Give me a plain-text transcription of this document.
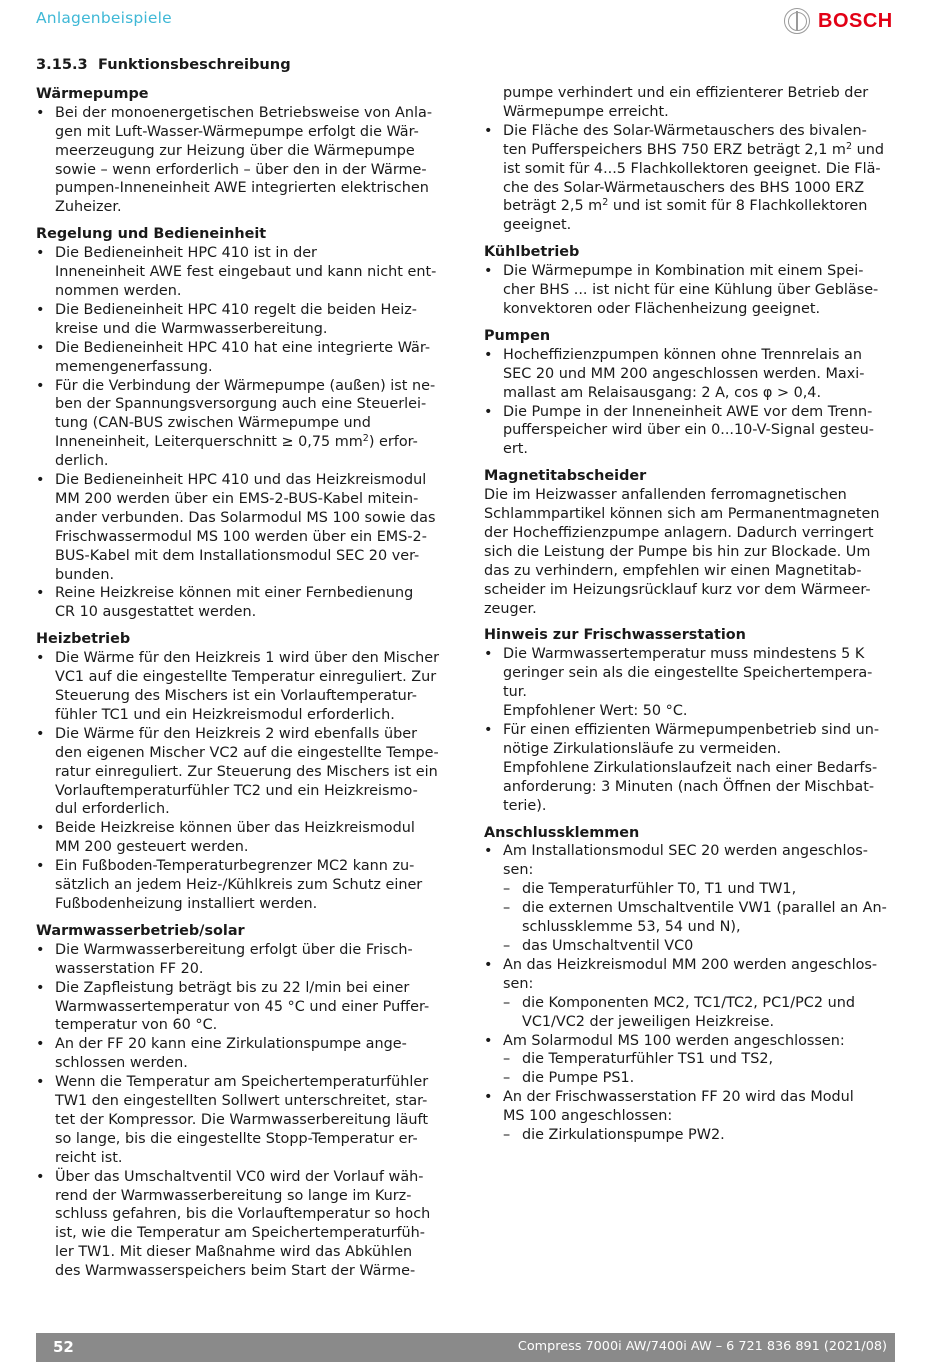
Anlagenbeispiele	BOSCH
3.15.3 Funktionsbeschreibung
Wärmepumpe
• Bei der monoenergetischen Betriebsweise von Anla-
gen mit Luft-Wasser-Wärmepumpe erfolgt die Wär-
meerzeugung zur Heizung über die Wärmepumpe
sowie – wenn erforderlich – über den in der Wärme-
pumpen-Inneneinheit AWE integrierten elektrischen
Zuheizer.
Regelung und Bedieneinheit
• Die Bedieneinheit HPC 410 ist in der
Inneneinheit AWE fest eingebaut und kann nicht ent-
nommen werden.
• Die Bedieneinheit HPC 410 regelt die beiden Heiz-
kreise und die Warmwasserbereitung.
• Die Bedieneinheit HPC 410 hat eine integrierte Wär-
memengenerfassung.
• Für die Verbindung der Wärmepumpe (außen) ist ne-
ben der Spannungsversorgung auch eine Steuerlei-
tung (CAN-BUS zwischen Wärmepumpe und
Inneneinheit, Leiterquerschnitt ≥ 0,75 $mm^2$) erfor-
derlich.
• Die Bedieneinheit HPC 410 und das Heizkreismodul
MM 200 werden über ein EMS-2-BUS-Kabel mitein-
ander verbunden. Das Solarmodul MS 100 sowie das
Frischwassermodul MS 100 werden über ein EMS-2-
BUS-Kabel mit dem Installationsmodul SEC 20 ver-
bunden.
• Reine Heizkreise können mit einer Fernbedienung
CR 10 ausgestattet werden.
Heizbetrieb
• Die Wärme für den Heizkreis 1 wird über den Mischer
VC1 auf die eingestellte Temperatur einreguliert. Zur
Steuerung des Mischers ist ein Vorlauftemperatur-
fühler TC1 und ein Heizkreismodul erforderlich.
• Die Wärme für den Heizkreis 2 wird ebenfalls über
den eigenen Mischer VC2 auf die eingestellte Tempe-
ratur einreguliert. Zur Steuerung des Mischers ist ein
Vorlauftemperaturfühler TC2 und ein Heizkreismo-
dul erforderlich.
• Beide Heizkreise können über das Heizkreismodul
MM 200 gesteuert werden.
• Ein Fußboden-Temperaturbegrenzer MC2 kann zu-
sätzlich an jedem Heiz-/Kühlkreis zum Schutz einer
Fußbodenheizung installiert werden.
Warmwasserbetrieb/solar
• Die Warmwasserbereitung erfolgt über die Frisch-
wasserstation FF 20.
• Die Zapfleistung beträgt bis zu 22 l/min bei einer
Warmwassertemperatur von 45 °C und einer Puffer-
temperatur von 60 °C.
• An der FF 20 kann eine Zirkulationspumpe ange-
schlossen werden.
• Wenn die Temperatur am Speichertemperaturfühler
TW1 den eingestellten Sollwert unterschreitet, star-
tet der Kompressor. Die Warmwasserbereitung läuft
so lange, bis die eingestellte Stopp-Temperatur er-
reicht ist.
• Über das Umschaltventil VC0 wird der Vorlauf wäh-
rend der Warmwasserbereitung so lange im Kurz-
schluss gefahren, bis die Vorlauftemperatur so hoch
ist, wie die Temperatur am Speichertemperaturfüh-
ler TW1. Mit dieser Maßnahme wird das Abkühlen
des Warmwasserspeichers beim Start der Wärme-
pumpe verhindert und ein effizienterer Betrieb der
Wärmepumpe erreicht.
• Die Fläche des Solar-Wärmetauschers des bivalen-
ten Pufferspeichers BHS 750 ERZ beträgt 2,1 $m^2$ und
ist somit für 4...5 Flachkollektoren geeignet. Die Flä-
che des Solar-Wärmetauschers des BHS 1000 ERZ
beträgt 2,5 $m^2$ und ist somit für 8 Flachkollektoren
geeignet.
Kühlbetrieb
• Die Wärmepumpe in Kombination mit einem Spei-
cher BHS ... ist nicht für eine Kühlung über Gebläse-
konvektoren oder Flächenheizung geeignet.
Pumpen
• Hocheffizienzpumpen können ohne Trennrelais an
SEC 20 und MM 200 angeschlossen werden. Maxi-
mallast am Relaisausgang: 2 A, cos φ > 0,4.
• Die Pumpe in der Inneneinheit AWE vor dem Trenn-
pufferspeicher wird über ein 0...10-V-Signal gesteu-
ert.
Magnetitabscheider

Die im Heizwasser anfallenden ferromagnetischen
Schlammpartikel können sich am Permanentmagneten
der Hocheffizienzpumpe anlagern. Dadurch verringert
sich die Leistung der Pumpe bis hin zur Blockade. Um
das zu verhindern, empfehlen wir einen Magnetitab-
scheider im Heizungsrücklauf kurz vor dem Wärmeer-
zeuger.

Hinweis zur Frischwasserstation
• Die Warmwassertemperatur muss mindestens 5 K
geringer sein als die eingestellte Speichertempera-
tur.
Empfohlener Wert: 50 °C.
• Für einen effizienten Wärmepumpenbetrieb sind un-
nötige Zirkulationsläufe zu vermeiden.
Empfohlene Zirkulationslaufzeit nach einer Bedarfs-
anforderung: 3 Minuten (nach Öffnen der Mischbat-
terie).
Anschlussklemmen
• Am Installationsmodul SEC 20 werden angeschlos-
sen:
– die Temperaturfühler T0, T1 und TW1,
– die externen Umschaltventile VW1 (parallel an An-
schlussklemme 53, 54 und N),
– das Umschaltventil VC0
• An das Heizkreismodul MM 200 werden angeschlos-
sen:
– die Komponenten MC2, TC1/TC2, PC1/PC2 und
VC1/VC2 der jeweiligen Heizkreise.
• Am Solarmodul MS 100 werden angeschlossen:
– die Temperaturfühler TS1 und TS2,
– die Pumpe PS1.
• An der Frischwasserstation FF 20 wird das Modul
MS 100 angeschlossen:
– die Zirkulationspumpe PW2.
52	Compress 7000i AW/7400i AW – 6 721 836 891 (2021/08)
